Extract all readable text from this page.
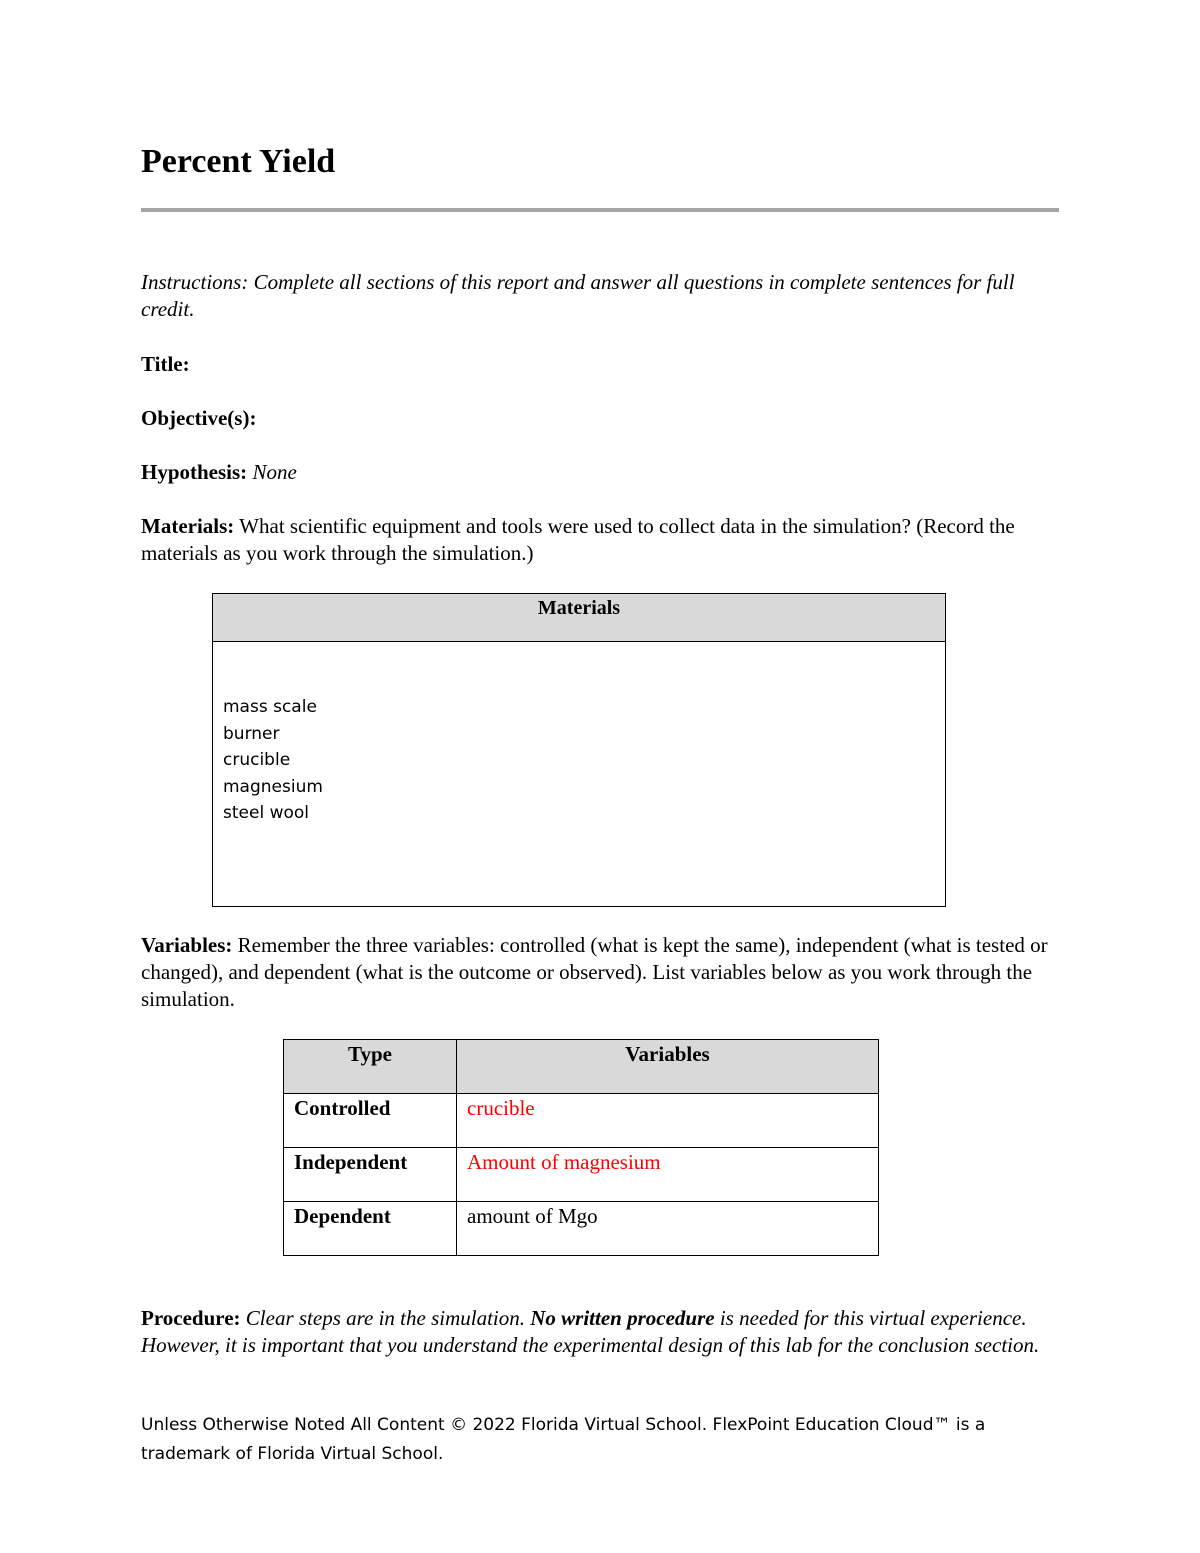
Percent Yield

Instructions: Complete all sections of this report and answer all questions in complete sentences for full credit.

Title:

Objective(s):

Hypothesis: None

Materials: What scientific equipment and tools were used to collect data in the simulation? (Record the materials as you work through the simulation.)

Materials

mass scale
burner
crucible
magnesium
steel wool

Variables: Remember the three variables: controlled (what is kept the same), independent (what is tested or changed), and dependent (what is the outcome or observed). List variables below as you work through the simulation.

Type	Variables
Controlled	crucible
Independent	Amount of magnesium
Dependent	amount of Mgo

Procedure: Clear steps are in the simulation. No written procedure is needed for this virtual experience. However, it is important that you understand the experimental design of this lab for the conclusion section.

Unless Otherwise Noted All Content © 2022 Florida Virtual School. FlexPoint Education Cloud™ is a trademark of Florida Virtual School.
